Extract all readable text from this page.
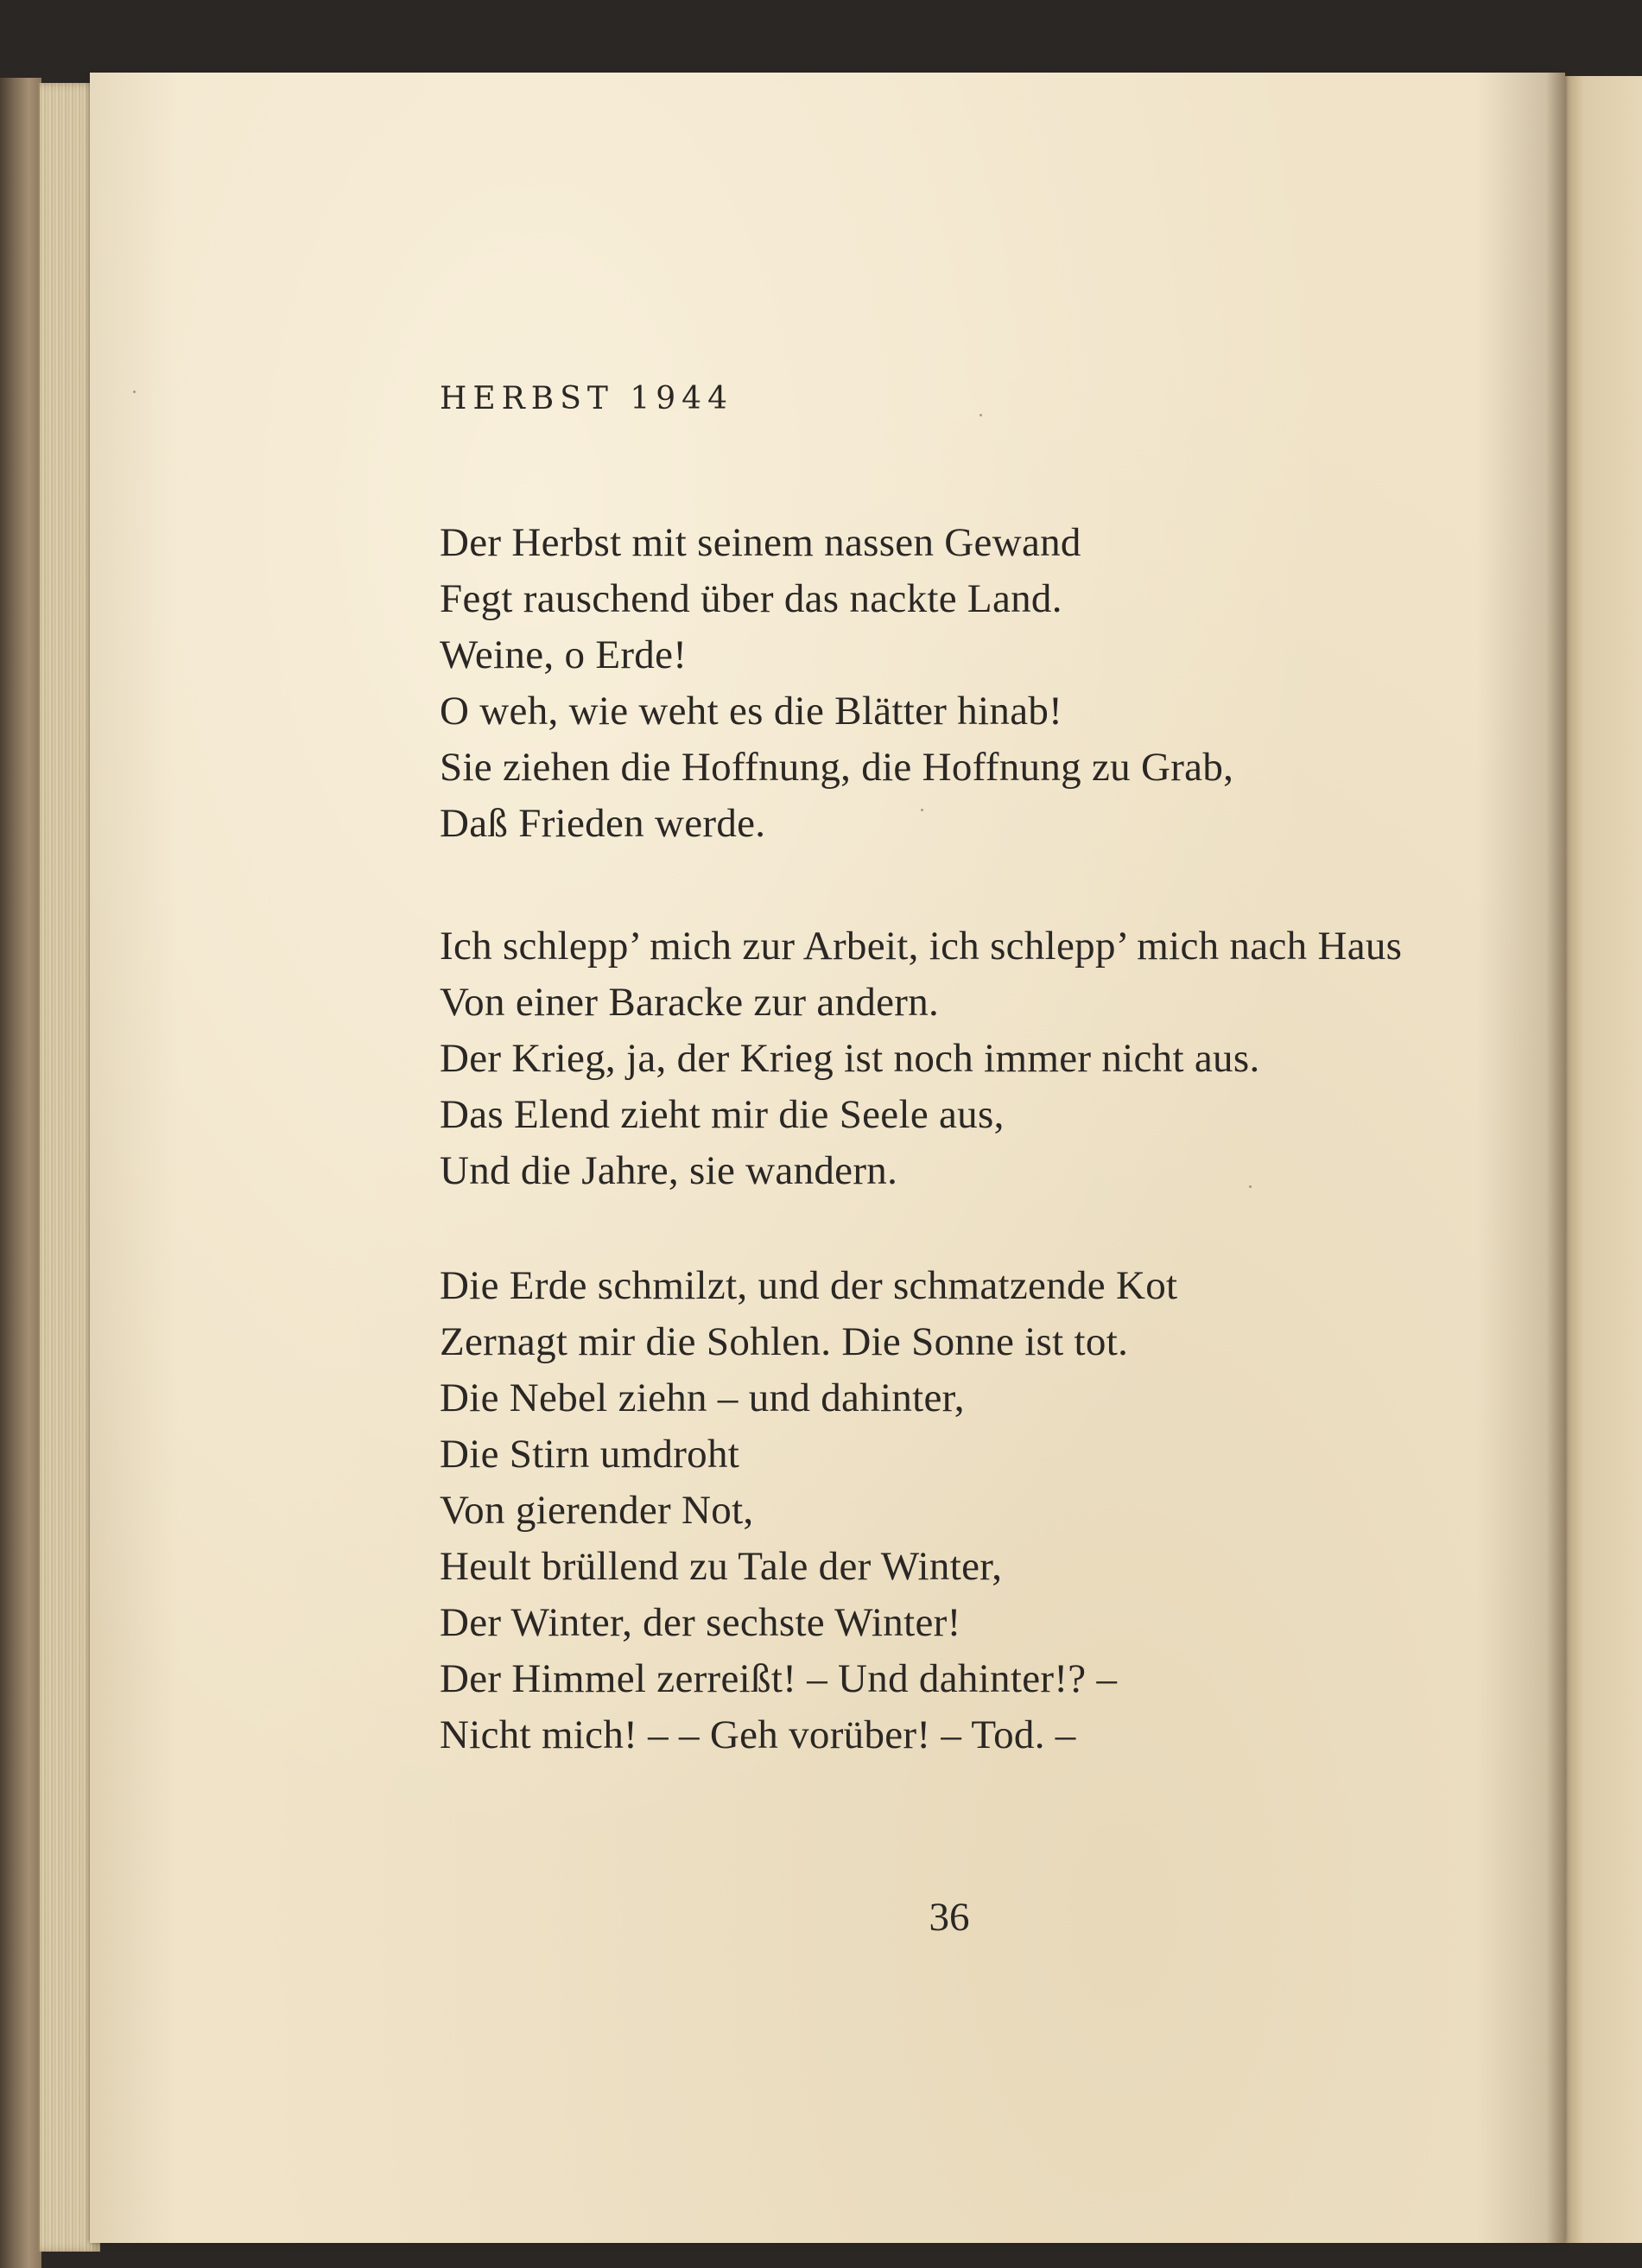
HERBST 1944
Der Herbst mit seinem nassen Gewand
Fegt rauschend über das nackte Land.
Weine, o Erde!
O weh, wie weht es die Blätter hinab!
Sie ziehen die Hoffnung, die Hoffnung zu Grab,
Daß Frieden werde.
Ich schlepp’ mich zur Arbeit, ich schlepp’ mich nach Haus
Von einer Baracke zur andern.
Der Krieg, ja, der Krieg ist noch immer nicht aus.
Das Elend zieht mir die Seele aus,
Und die Jahre, sie wandern.
Die Erde schmilzt, und der schmatzende Kot
Zernagt mir die Sohlen. Die Sonne ist tot.
Die Nebel ziehn – und dahinter,
Die Stirn umdroht
Von gierender Not,
Heult brüllend zu Tale der Winter,
Der Winter, der sechste Winter!
Der Himmel zerreißt! – Und dahinter!? –
Nicht mich! – – Geh vorüber! – Tod. –
36
